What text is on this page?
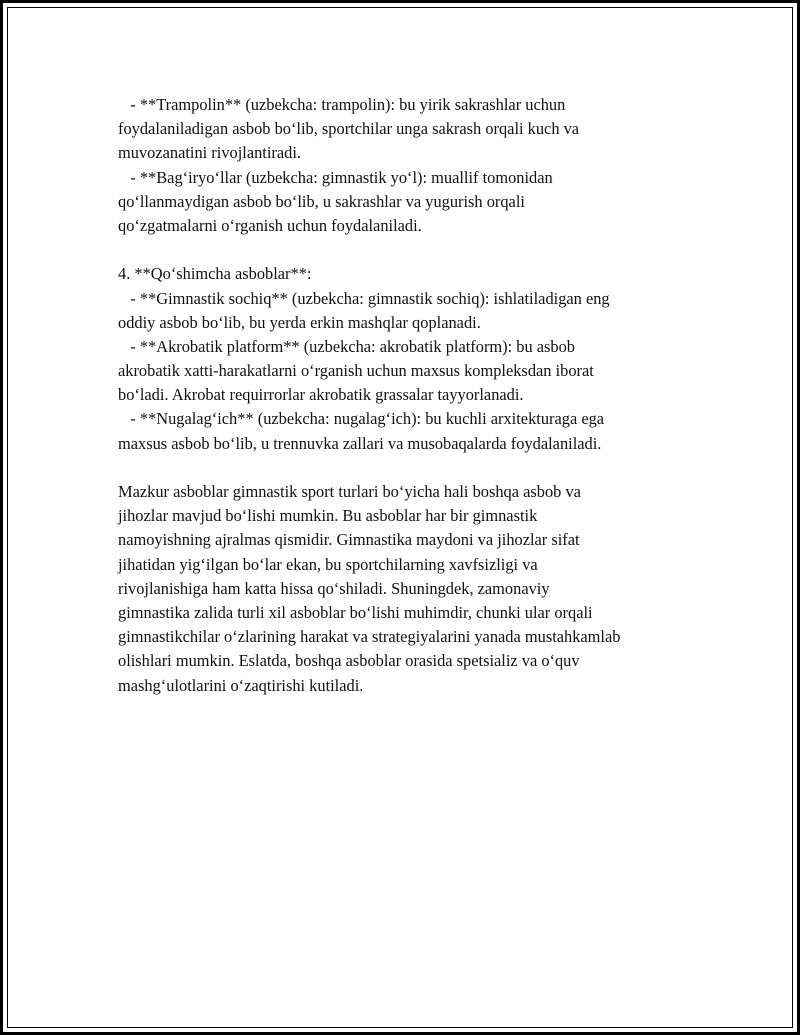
- **Trampolin** (uzbekcha: trampolin): bu yirik sakrashlar uchun
foydalaniladigan asbob bo‘lib, sportchilar unga sakrash orqali kuch va
muvozanatini rivojlantiradi.
- **Bag‘iryo‘llar (uzbekcha: gimnastik yo‘l): muallif tomonidan
qo‘llanmaydigan asbob bo‘lib, u sakrashlar va yugurish orqali
qo‘zgatmalarni o‘rganish uchun foydalaniladi.
4. **Qo‘shimcha asboblar**:
- **Gimnastik sochiq** (uzbekcha: gimnastik sochiq): ishlatiladigan eng
oddiy asbob bo‘lib, bu yerda erkin mashqlar qoplanadi.
- **Akrobatik platform** (uzbekcha: akrobatik platform): bu asbob
akrobatik xatti-harakatlarni o‘rganish uchun maxsus kompleksdan iborat
bo‘ladi. Akrobat requirrorlar akrobatik grassalar tayyorlanadi.
- **Nugalag‘ich** (uzbekcha: nugalag‘ich): bu kuchli arxitekturaga ega
maxsus asbob bo‘lib, u trennuvka zallari va musobaqalarda foydalaniladi.
Mazkur asboblar gimnastik sport turlari bo‘yicha hali boshqa asbob va
jihozlar mavjud bo‘lishi mumkin. Bu asboblar har bir gimnastik
namoyishning ajralmas qismidir. Gimnastika maydoni va jihozlar sifat
jihatidan yig‘ilgan bo‘lar ekan, bu sportchilarning xavfsizligi va
rivojlanishiga ham katta hissa qo‘shiladi. Shuningdek, zamonaviy
gimnastika zalida turli xil asboblar bo‘lishi muhimdir, chunki ular orqali
gimnastikchilar o‘zlarining harakat va strategiyalarini yanada mustahkamlab
olishlari mumkin. Eslatda, boshqa asboblar orasida spetsializ va o‘quv
mashg‘ulotlarini o‘zaqtirishi kutiladi.
